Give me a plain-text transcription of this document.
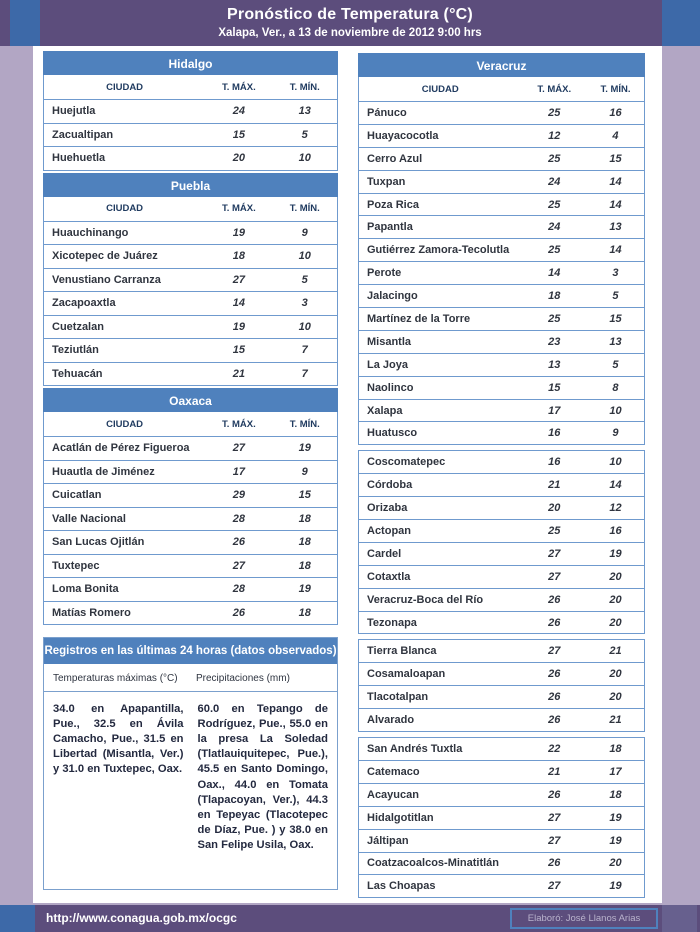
Pronóstico de Temperatura (°C)
Xalapa, Ver., a 13 de noviembre de 2012 9:00 hrs
Hidalgo
CIUDAD	T. MÁX.	T. MÍN.
Huejutla	24	13
Zacualtipan	15	5
Huehuetla	20	10
Puebla
CIUDAD	T. MÁX.	T. MÍN.
Huauchinango	19	9
Xicotepec de Juárez	18	10
Venustiano Carranza	27	5
Zacapoaxtla	14	3
Cuetzalan	19	10
Teziutlán	15	7
Tehuacán	21	7
Oaxaca
CIUDAD	T. MÁX.	T. MÍN.
Acatlán de Pérez Figueroa	27	19
Huautla de Jiménez	17	9
Cuicatlan	29	15
Valle Nacional	28	18
San Lucas Ojitlán	26	18
Tuxtepec	27	18
Loma Bonita	28	19
Matías Romero	26	18
Registros en las últimas 24 horas (datos observados)
Temperaturas máximas (°C)	Precipitaciones (mm)

34.0 en Apapantilla, Pue., 32.5 en Ávila Camacho, Pue., 31.5 en Libertad (Misantla, Ver.) y 31.0 en Tuxtepec, Oax.

60.0 en Tepango de Rodríguez, Pue., 55.0 en la presa La Soledad (Tlatlauiquitepec, Pue.), 45.5 en Santo Domingo, Oax., 44.0 en Tomata (Tlapacoyan, Ver.), 44.3 en Tepeyac (Tlacotepec de Díaz, Pue. ) y 38.0 en San Felipe Usila, Oax.

Veracruz
CIUDAD	T. MÁX.	T. MÍN.
Pánuco	25	16
Huayacocotla	12	4
Cerro Azul	25	15
Tuxpan	24	14
Poza Rica	25	14
Papantla	24	13
Gutiérrez Zamora-Tecolutla	25	14
Perote	14	3
Jalacingo	18	5
Martínez de la Torre	25	15
Misantla	23	13
La Joya	13	5
Naolinco	15	8
Xalapa	17	10
Huatusco	16	9
Coscomatepec	16	10
Córdoba	21	14
Orizaba	20	12
Actopan	25	16
Cardel	27	19
Cotaxtla	27	20
Veracruz-Boca del Río	26	20
Tezonapa	26	20
Tierra Blanca	27	21
Cosamaloapan	26	20
Tlacotalpan	26	20
Alvarado	26	21
San Andrés Tuxtla	22	18
Catemaco	21	17
Acayucan	26	18
Hidalgotitlan	27	19
Jáltipan	27	19
Coatzacoalcos-Minatitlán	26	20
Las Choapas	27	19
http://www.conagua.gob.mx/ocgc	Elaboró: José Llanos Arias
